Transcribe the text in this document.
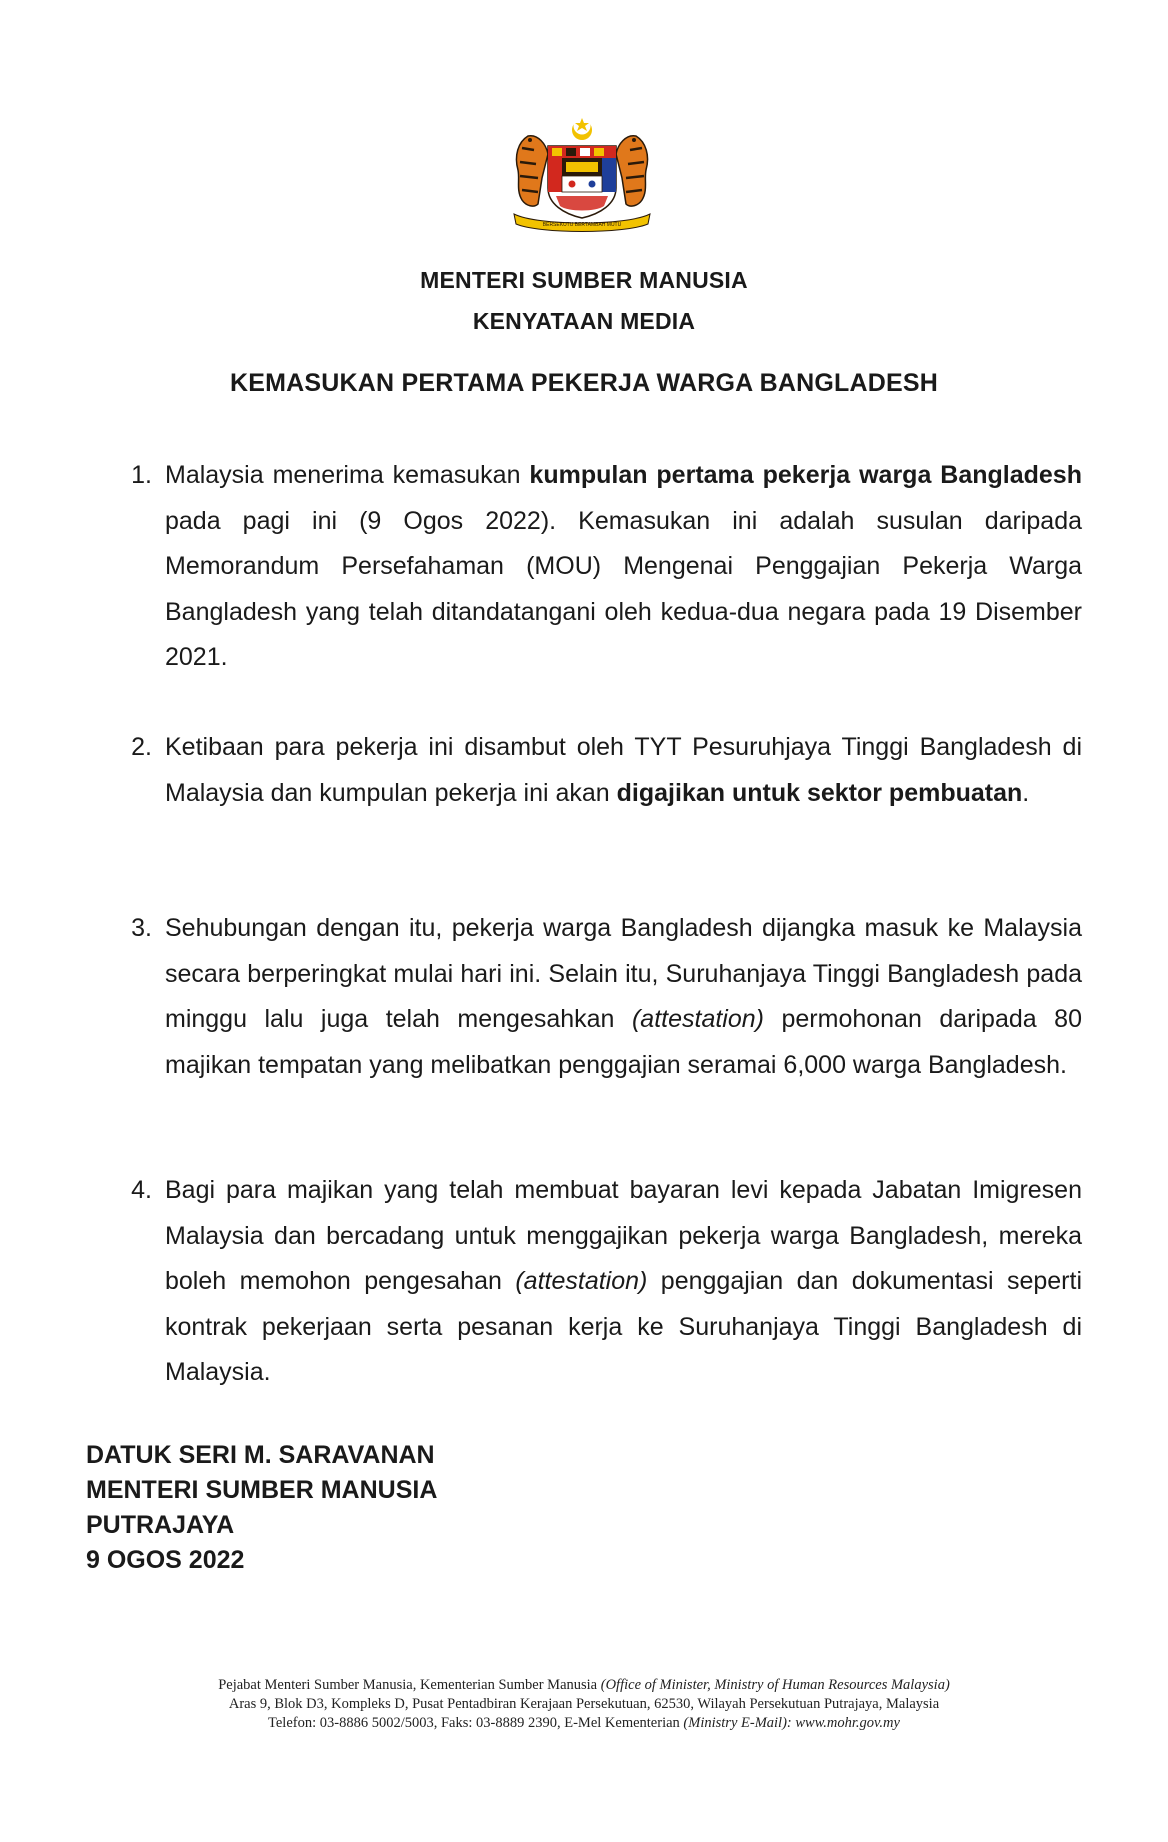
BERSEKUTU BERTAMBAH MUTU
MENTERI SUMBER MANUSIA
KENYATAAN MEDIA
KEMASUKAN PERTAMA PEKERJA WARGA BANGLADESH
1. Malaysia menerima kemasukan kumpulan pertama pekerja warga Bangladesh pada pagi ini (9 Ogos 2022). Kemasukan ini adalah susulan daripada Memorandum Persefahaman (MOU) Mengenai Penggajian Pekerja Warga Bangladesh yang telah ditandatangani oleh kedua-dua negara pada 19 Disember 2021.
2. Ketibaan para pekerja ini disambut oleh TYT Pesuruhjaya Tinggi Bangladesh di Malaysia dan kumpulan pekerja ini akan digajikan untuk sektor pembuatan.
3. Sehubungan dengan itu, pekerja warga Bangladesh dijangka masuk ke Malaysia secara berperingkat mulai hari ini. Selain itu, Suruhanjaya Tinggi Bangladesh pada minggu lalu juga telah mengesahkan (attestation) permohonan daripada 80 majikan tempatan yang melibatkan penggajian seramai 6,000 warga Bangladesh.
4. Bagi para majikan yang telah membuat bayaran levi kepada Jabatan Imigresen Malaysia dan bercadang untuk menggajikan pekerja warga Bangladesh, mereka boleh memohon pengesahan (attestation) penggajian dan dokumentasi seperti kontrak pekerjaan serta pesanan kerja ke Suruhanjaya Tinggi Bangladesh di Malaysia.
DATUK SERI M. SARAVANAN
MENTERI SUMBER MANUSIA
PUTRAJAYA
9 OGOS 2022
Pejabat Menteri Sumber Manusia, Kementerian Sumber Manusia (Office of Minister, Ministry of Human Resources Malaysia)
Aras 9, Blok D3, Kompleks D, Pusat Pentadbiran Kerajaan Persekutuan, 62530, Wilayah Persekutuan Putrajaya, Malaysia
Telefon: 03-8886 5002/5003, Faks: 03-8889 2390, E-Mel Kementerian (Ministry E-Mail): www.mohr.gov.my
